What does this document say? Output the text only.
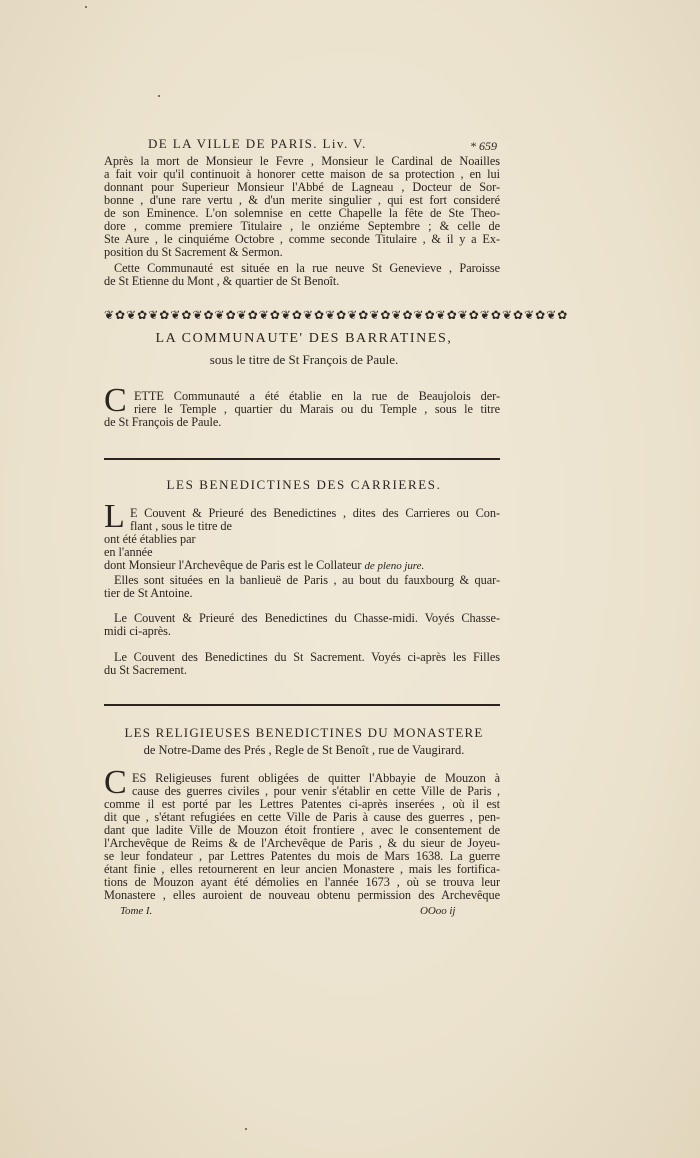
DE LA VILLE DE PARIS. Liv. V.	* 659
Après la mort de Monsieur le Fevre , Monsieur le Cardinal de Noailles
a fait voir qu'il continuoit à honorer cette maison de sa protection , en lui
donnant pour Superieur Monsieur l'Abbé de Lagneau , Docteur de Sor-
bonne , d'une rare vertu , & d'un merite singulier , qui est fort consideré
de son Eminence. L'on solemnise en cette Chapelle la fête de Ste Theo-
dore , comme premiere Titulaire , le onziéme Septembre ; & celle de
Ste Aure , le cinquiéme Octobre , comme seconde Titulaire , & il y a Ex-
position du St Sacrement & Sermon.
Cette Communauté est située en la rue neuve St Genevieve , Paroisse
de St Etienne du Mont , & quartier de St Benoît.
❦✿❦✿❦✿❦✿❦✿❦✿❦✿❦✿❦✿❦✿❦✿❦✿❦✿❦✿❦✿❦✿❦✿❦✿❦✿❦✿❦✿
LA COMMUNAUTE' DES BARRATINES,
sous le titre de St François de Paule.
C ETTE Communauté a été établie en la rue de Beaujolois der-
riere le Temple , quartier du Marais ou du Temple , sous le titre
de St François de Paule.
LES BENEDICTINES DES CARRIERES.
L E Couvent & Prieuré des Benedictines , dites des Carrieres ou Con-
flant , sous le titre de
ont été établies par
en l'année
dont Monsieur l'Archevêque de Paris est le Collateur de pleno jure.
Elles sont situées en la banlieuë de Paris , au bout du fauxbourg & quar-
tier de St Antoine.
Le Couvent & Prieuré des Benedictines du Chasse-midi. Voyés Chasse-
midi ci-après.
Le Couvent des Benedictines du St Sacrement. Voyés ci-après les Filles
du St Sacrement.
LES RELIGIEUSES BENEDICTINES DU MONASTERE
de Notre-Dame des Prés , Regle de St Benoît , rue de Vaugirard.
C ES Religieuses furent obligées de quitter l'Abbayie de Mouzon à
cause des guerres civiles , pour venir s'établir en cette Ville de Paris ,
comme il est porté par les Lettres Patentes ci-après inserées , où il est
dit que , s'étant refugiées en cette Ville de Paris à cause des guerres , pen-
dant que ladite Ville de Mouzon étoit frontiere , avec le consentement de
l'Archevêque de Reims & de l'Archevêque de Paris , & du sieur de Joyeu-
se leur fondateur , par Lettres Patentes du mois de Mars 1638. La guerre
étant finie , elles retournerent en leur ancien Monastere , mais les fortifica-
tions de Mouzon ayant été démolies en l'année 1673 , où se trouva leur
Monastere , elles auroient de nouveau obtenu permission des Archevêque
Tome I.	OOoo ij
